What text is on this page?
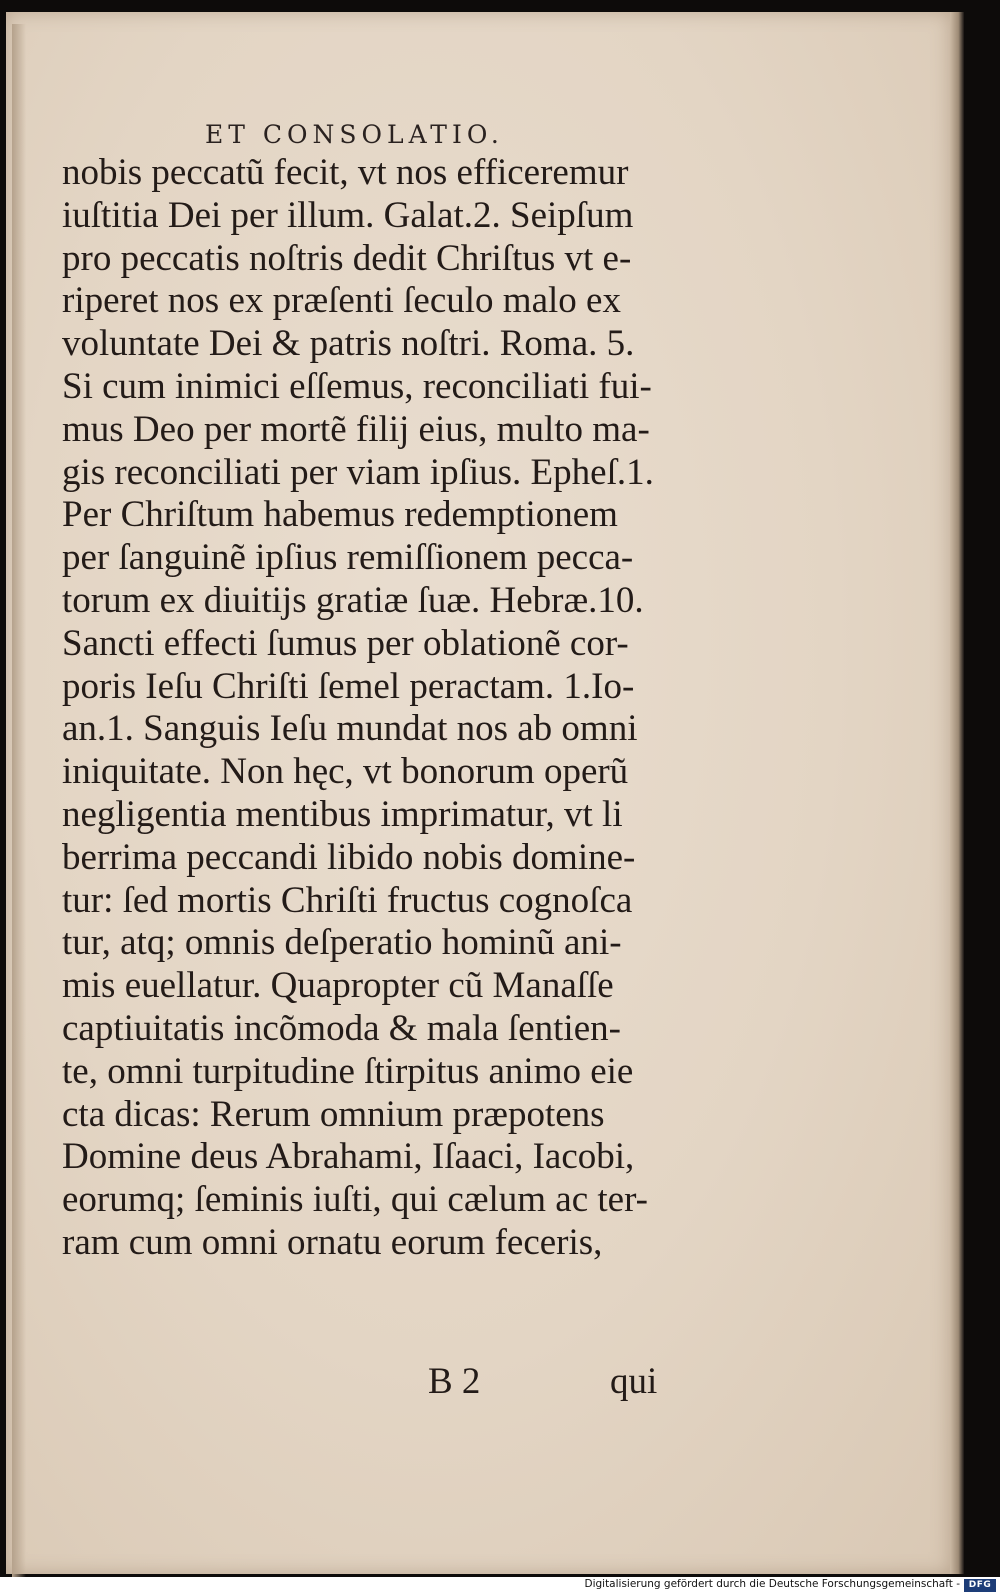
ET CONSOLATIO.
nobis peccatũ fecit, vt nos efficeremur
iuſtitia Dei per illum. Galat.2. Seipſum
pro peccatis noſtris dedit Chriſtus vt e-
riperet nos ex præſenti ſeculo malo ex
voluntate Dei & patris noſtri. Roma. 5.
Si cum inimici eſſemus, reconciliati fui-
mus Deo per mortẽ filij eius, multo ma-
gis reconciliati per viam ipſius. Epheſ.1.
Per Chriſtum habemus redemptionem
per ſanguinẽ ipſius remiſſionem pecca-
torum ex diuitijs gratiæ ſuæ. Hebræ.10.
Sancti effecti ſumus per oblationẽ cor-
poris Ieſu Chriſti ſemel peractam. 1.Io-
an.1. Sanguis Ieſu mundat nos ab omni
iniquitate. Non hęc, vt bonorum operũ
negligentia mentibus imprimatur, vt li
berrima peccandi libido nobis domine-
tur: ſed mortis Chriſti fructus cognoſca
tur, atq; omnis deſperatio hominũ ani-
mis euellatur. Quapropter cũ Manaſſe
captiuitatis incõmoda & mala ſentien-
te, omni turpitudine ſtirpitus animo eie
cta dicas: Rerum omnium præpotens
Domine deus Abrahami, Iſaaci, Iacobi,
eorumq; ſeminis iuſti, qui cælum ac ter-
ram cum omni ornatu eorum feceris,
B 2	qui
Digitalisierung gefördert durch die Deutsche Forschungsgemeinschaft - DFG
